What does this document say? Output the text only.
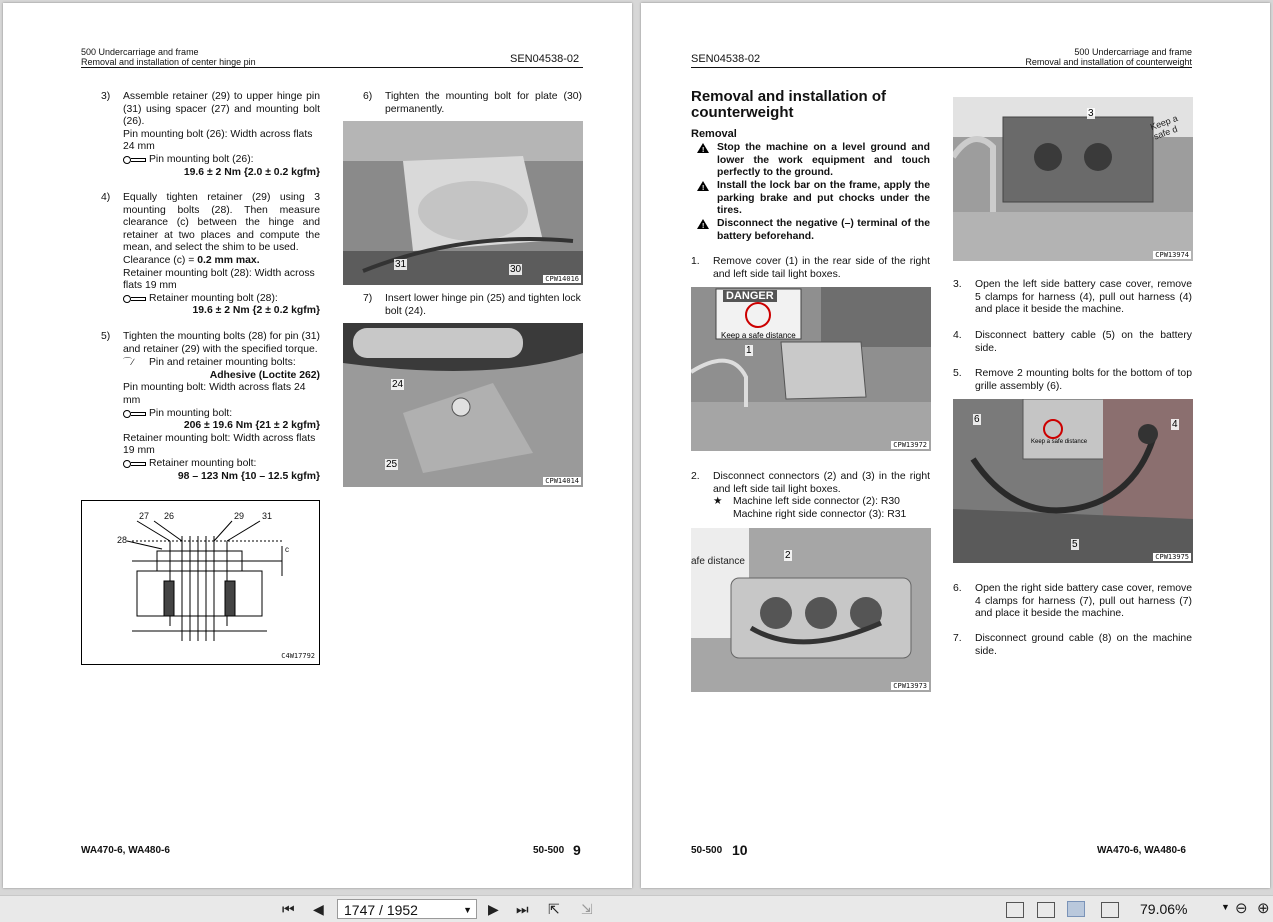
500 Undercarriage and frame
Removal and installation of center hinge pin	SEN04538-02
3) Assemble retainer (29) to upper hinge pin (31) using spacer (27) and mounting bolt (26).
Pin mounting bolt (26): Width across flats 24 mm
Pin mounting bolt (26):
19.6 ± 2 Nm {2.0 ± 0.2 kgfm}
4) Equally tighten retainer (29) using 3 mounting bolts (28). Then measure clearance (c) between the hinge and retainer at two places and compute the mean, and select the shim to be used.
Clearance (c) = 0.2 mm max.
Retainer mounting bolt (28): Width across flats 19 mm
Retainer mounting bolt (28):
19.6 ± 2 Nm {2 ± 0.2 kgfm}
5) Tighten the mounting bolts (28) for pin (31) and retainer (29) with the specified torque.
⌒∕ Pin and retainer mounting bolts:
Adhesive (Loctite 262)
Pin mounting bolt: Width across flats 24 mm
Pin mounting bolt:
206 ± 19.6 Nm {21 ± 2 kgfm}
Retainer mounting bolt: Width across flats 19 mm
Retainer mounting bolt:
98 – 123 Nm {10 – 12.5 kgfm}
27 26	29 31
28
c
C4W17792
6) Tighten the mounting bolt for plate (30) permanently.
31	30
CPW14016
7) Insert lower hinge pin (25) and tighten lock bolt (24).
24
25
CPW14014
WA470-6, WA480-6	50-500 9
SEN04538-02
500 Undercarriage and frame
Removal and installation of counterweight
Removal and installation of
counterweight
Removal
! Stop the machine on a level ground and lower the work equipment and touch perfectly to the ground.
! Install the lock bar on the frame, apply the parking brake and put chocks under the tires.
! Disconnect the negative (–) terminal of the battery beforehand.
1. Remove cover (1) in the rear side of the right and left side tail light boxes.
DANGER
Keep a safe distance
1
CPW13972
2. Disconnect connectors (2) and (3) in the right and left side tail light boxes.
★ Machine left side connector (2): R30
Machine right side connector (3): R31
afe distance
2
CPW13973
Keep a safe d
3
CPW13974
3. Open the left side battery case cover, remove 5 clamps for harness (4), pull out harness (4) and place it beside the machine.
4. Disconnect battery cable (5) on the battery side.
5. Remove 2 mounting bolts for the bottom of top grille assembly (6).
Keep a safe distance
6	4
5
CPW13975
6. Open the right side battery case cover, remove 4 clamps for harness (7), pull out harness (7) and place it beside the machine.
7. Disconnect ground cable (8) on the machine side.
50-500 10	WA470-6, WA480-6
⏮ ◀	1747 / 1952	▼ ▶ ⏭ ⇱ ⇲	79.06%	▼ ⊖ ⊕
